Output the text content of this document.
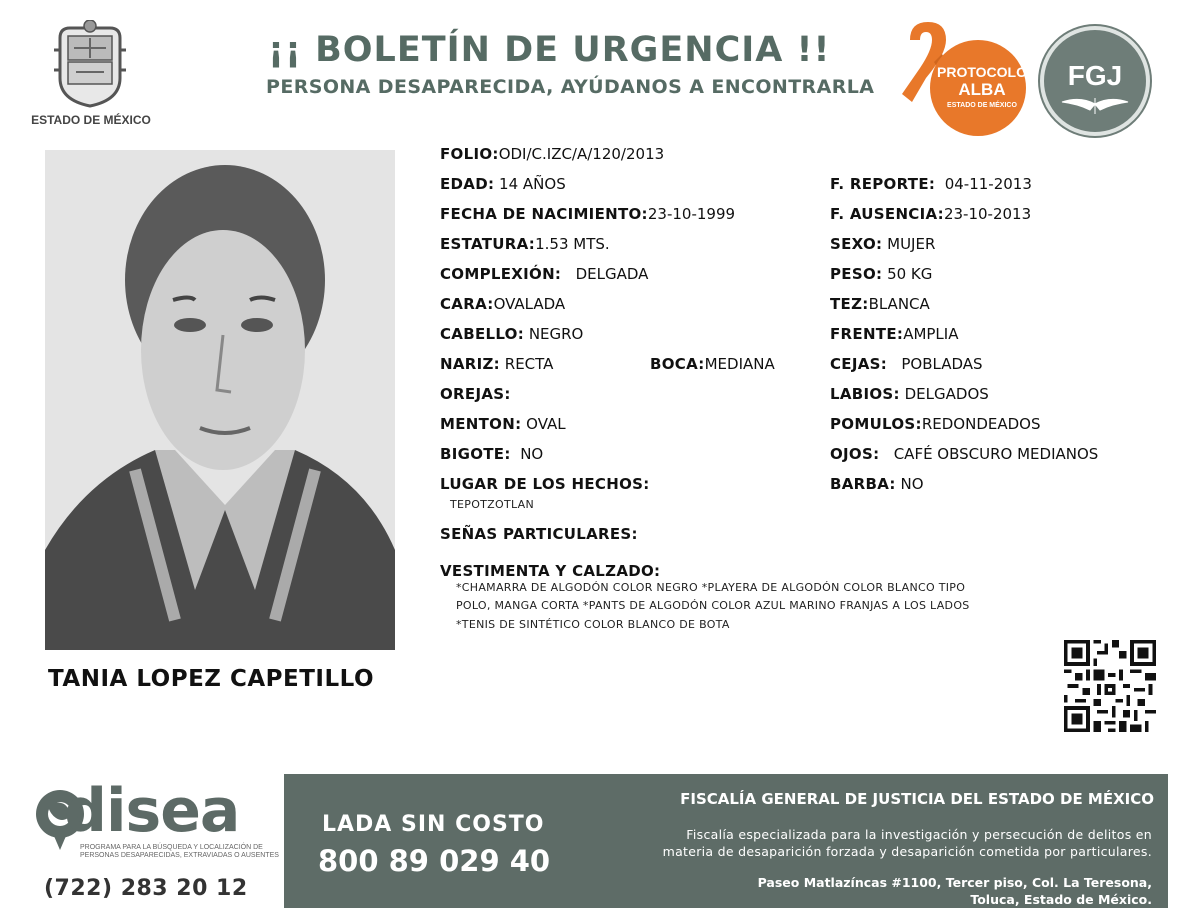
ESTADO DE MÉXICO
¡¡ BOLETÍN DE URGENCIA !!
PERSONA DESAPARECIDA, AYÚDANOS A ENCONTRARLA
PROTOCOLO
ALBA
ESTADO DE MÉXICO
FGJ
TANIA LOPEZ CAPETILLO
FOLIO:ODI/C.IZC/A/120/2013
EDAD: 14 AÑOS
FECHA DE NACIMIENTO:23-10-1999
ESTATURA:1.53 MTS.
COMPLEXIÓN: DELGADA
CARA:OVALADA
CABELLO: NEGRO
NARIZ: RECTA	BOCA:MEDIANA
OREJAS:
MENTON: OVAL
BIGOTE: NO
LUGAR DE LOS HECHOS:
TEPOTZOTLAN
SEÑAS PARTICULARES:
VESTIMENTA Y CALZADO:
*CHAMARRA DE ALGODÓN COLOR NEGRO *PLAYERA DE ALGODÓN COLOR BLANCO TIPO
POLO, MANGA CORTA *PANTS DE ALGODÓN COLOR AZUL MARINO FRANJAS A LOS LADOS
*TENIS DE SINTÉTICO COLOR BLANCO DE BOTA
F. REPORTE: 04-11-2013
F. AUSENCIA:23-10-2013
SEXO: MUJER
PESO: 50 KG
TEZ:BLANCA
FRENTE:AMPLIA
CEJAS: POBLADAS
LABIOS: DELGADOS
POMULOS:REDONDEADOS
OJOS: CAFÉ OBSCURO MEDIANOS
BARBA: NO
disea
PROGRAMA PARA LA BÚSQUEDA Y LOCALIZACIÓN DE PERSONAS DESAPARECIDAS, EXTRAVIADAS O AUSENTES
(722) 283 20 12
LADA SIN COSTO
800 89 029 40
FISCALÍA GENERAL DE JUSTICIA DEL ESTADO DE MÉXICO
Fiscalía especializada para la investigación y persecución de delitos en
materia de desaparición forzada y desaparición cometida por particulares.
Paseo Matlazíncas #1100, Tercer piso, Col. La Teresona,
Toluca, Estado de México.
